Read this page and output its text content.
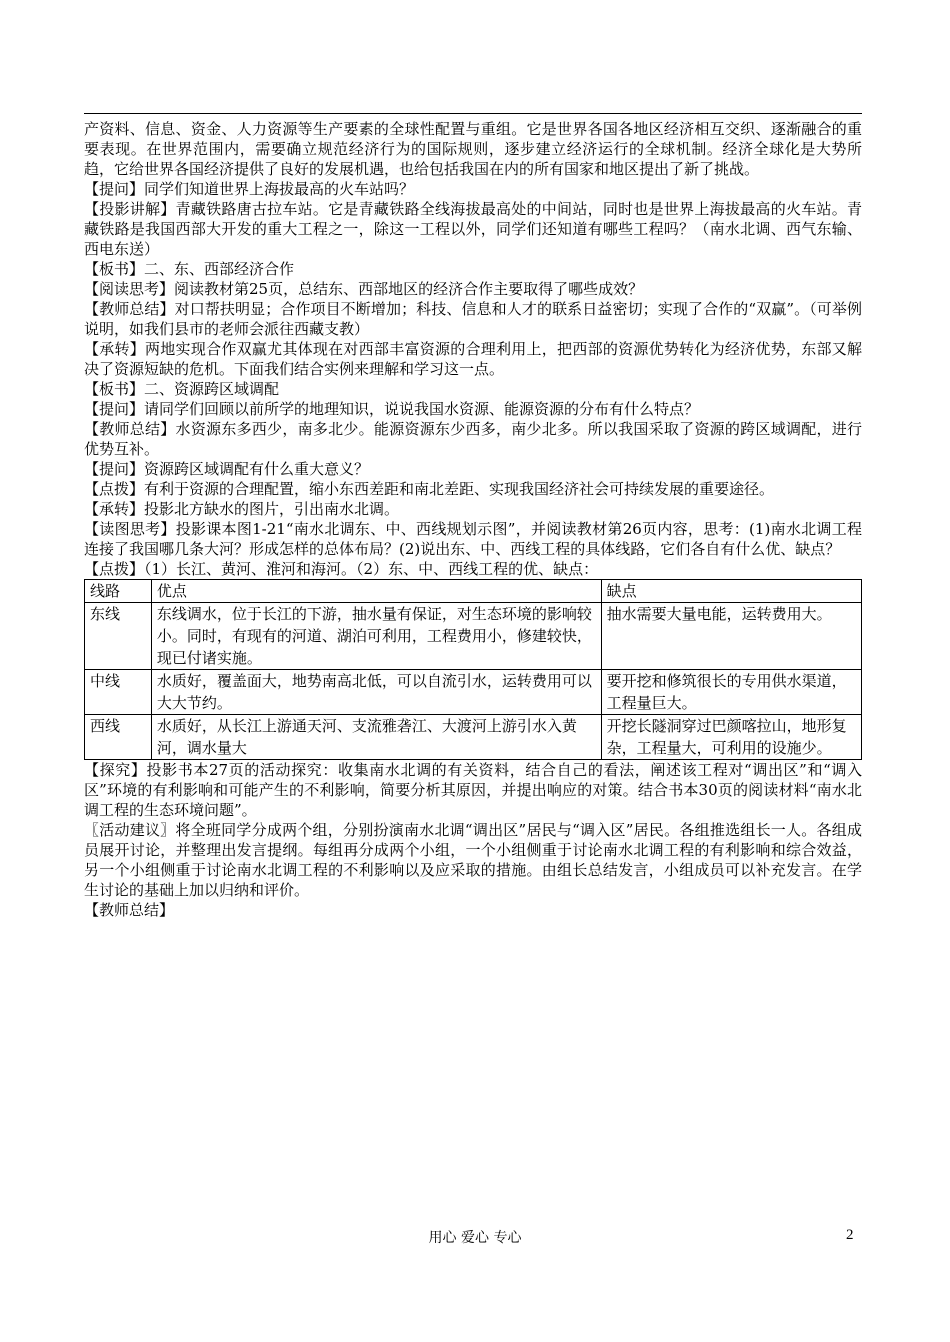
产资料、信息、资金、人力资源等生产要素的全球性配置与重组。它是世界各国各地区经济相互交织、逐渐融合的重要表现。在世界范围内，需要确立规范经济行为的国际规则，逐步建立经济运行的全球机制。经济全球化是大势所趋，它给世界各国经济提供了良好的发展机遇，也给包括我国在内的所有国家和地区提出了新了挑战。

【提问】同学们知道世界上海拔最高的火车站吗？

【投影讲解】青藏铁路唐古拉车站。它是青藏铁路全线海拔最高处的中间站，同时也是世界上海拔最高的火车站。青藏铁路是我国西部大开发的重大工程之一，除这一工程以外，同学们还知道有哪些工程吗？（南水北调、西气东输、西电东送）

【板书】二、东、西部经济合作

【阅读思考】阅读教材第25页，总结东、西部地区的经济合作主要取得了哪些成效？

【教师总结】对口帮扶明显；合作项目不断增加；科技、信息和人才的联系日益密切；实现了合作的“双赢”。（可举例说明，如我们县市的老师会派往西藏支教）

【承转】两地实现合作双赢尤其体现在对西部丰富资源的合理利用上，把西部的资源优势转化为经济优势，东部又解决了资源短缺的危机。下面我们结合实例来理解和学习这一点。

【板书】二、资源跨区域调配

【提问】请同学们回顾以前所学的地理知识，说说我国水资源、能源资源的分布有什么特点？

【教师总结】水资源东多西少，南多北少。能源资源东少西多，南少北多。所以我国采取了资源的跨区域调配，进行优势互补。

【提问】资源跨区域调配有什么重大意义？

【点拨】有利于资源的合理配置，缩小东西差距和南北差距、实现我国经济社会可持续发展的重要途径。

【承转】投影北方缺水的图片，引出南水北调。

【读图思考】投影课本图1-21“南水北调东、中、西线规划示图”，并阅读教材第26页内容，思考：(1)南水北调工程连接了我国哪几条大河？形成怎样的总体布局？(2)说出东、中、西线工程的具体线路，它们各自有什么优、缺点？

【点拨】（1）长江、黄河、淮河和海河。（2）东、中、西线工程的优、缺点：

线路	优点	缺点
东线	东线调水，位于长江的下游，抽水量有保证，对生态环境的影响较小。同时，有现有的河道、湖泊可利用，工程费用小，修建较快，现已付诸实施。	抽水需要大量电能，运转费用大。
中线	水质好，覆盖面大，地势南高北低，可以自流引水，运转费用可以大大节约。	要开挖和修筑很长的专用供水渠道，工程量巨大。
西线	水质好，从长江上游通天河、支流雅砻江、大渡河上游引水入黄河，调水量大	开挖长隧洞穿过巴颜喀拉山，地形复杂，工程量大，可利用的设施少。

【探究】投影书本27页的活动探究：收集南水北调的有关资料，结合自己的看法，阐述该工程对“调出区”和“调入区”环境的有利影响和可能产生的不利影响，简要分析其原因，并提出响应的对策。结合书本30页的阅读材料“南水北调工程的生态环境问题”。

〖活动建议〗将全班同学分成两个组，分别扮演南水北调“调出区”居民与“调入区”居民。各组推选组长一人。各组成员展开讨论，并整理出发言提纲。每组再分成两个小组，一个小组侧重于讨论南水北调工程的有利影响和综合效益，另一个小组侧重于讨论南水北调工程的不利影响以及应采取的措施。由组长总结发言，小组成员可以补充发言。在学生讨论的基础上加以归纳和评价。

【教师总结】

用心 爱心 专心	2
